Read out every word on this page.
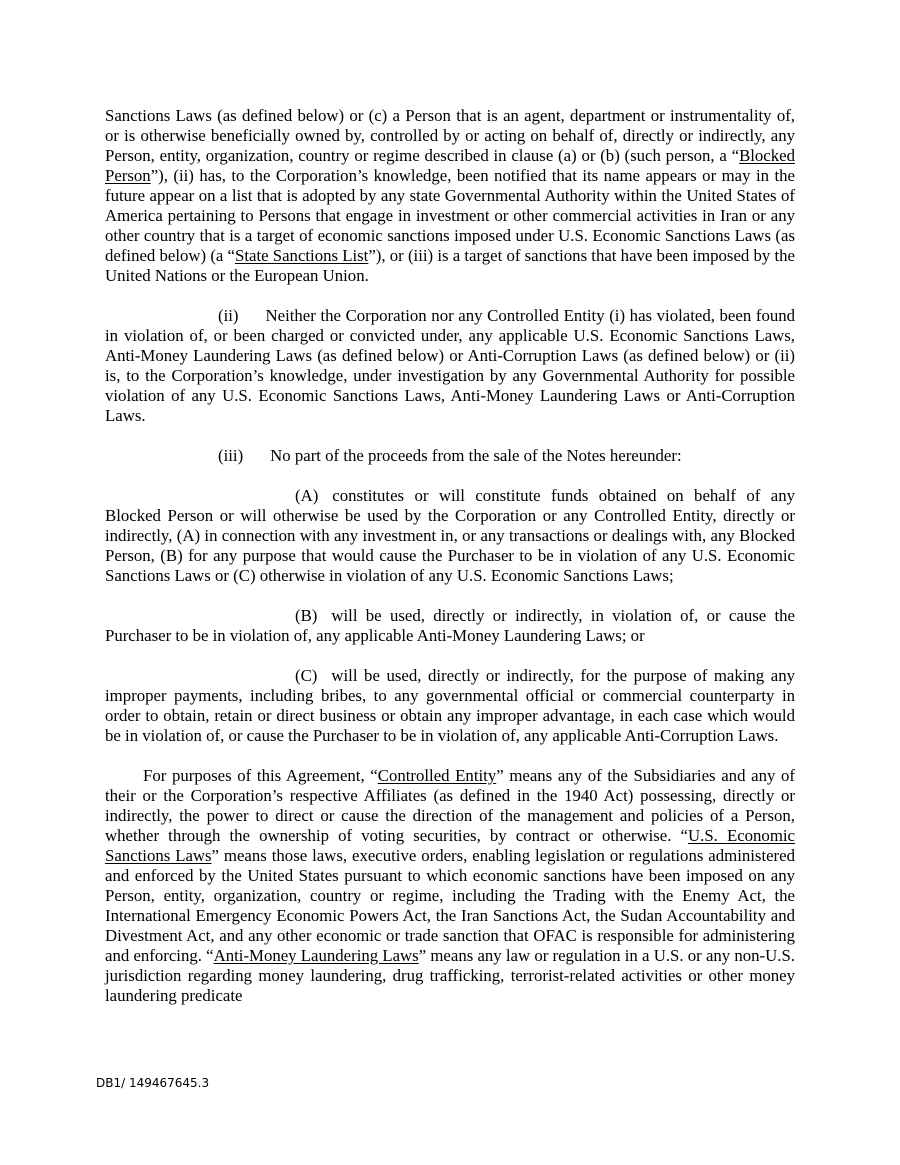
Sanctions Laws (as defined below) or (c) a Person that is an agent, department or instrumentality of, or is otherwise beneficially owned by, controlled by or acting on behalf of, directly or indirectly, any Person, entity, organization, country or regime described in clause (a) or (b) (such person, a “Blocked Person”), (ii) has, to the Corporation’s knowledge, been notified that its name appears or may in the future appear on a list that is adopted by any state Governmental Authority within the United States of America pertaining to Persons that engage in investment or other commercial activities in Iran or any other country that is a target of economic sanctions imposed under U.S. Economic Sanctions Laws (as defined below) (a “State Sanctions List”), or (iii) is a target of sanctions that have been imposed by the United Nations or the European Union.

(ii) Neither the Corporation nor any Controlled Entity (i) has violated, been found in violation of, or been charged or convicted under, any applicable U.S. Economic Sanctions Laws, Anti-Money Laundering Laws (as defined below) or Anti-Corruption Laws (as defined below) or (ii) is, to the Corporation’s knowledge, under investigation by any Governmental Authority for possible violation of any U.S. Economic Sanctions Laws, Anti-Money Laundering Laws or Anti-Corruption Laws.

(iii) No part of the proceeds from the sale of the Notes hereunder:

(A) constitutes or will constitute funds obtained on behalf of any Blocked Person or will otherwise be used by the Corporation or any Controlled Entity, directly or indirectly, (A) in connection with any investment in, or any transactions or dealings with, any Blocked Person, (B) for any purpose that would cause the Purchaser to be in violation of any U.S. Economic Sanctions Laws or (C) otherwise in violation of any U.S. Economic Sanctions Laws;

(B) will be used, directly or indirectly, in violation of, or cause the Purchaser to be in violation of, any applicable Anti-Money Laundering Laws; or

(C) will be used, directly or indirectly, for the purpose of making any improper payments, including bribes, to any governmental official or commercial counterparty in order to obtain, retain or direct business or obtain any improper advantage, in each case which would be in violation of, or cause the Purchaser to be in violation of, any applicable Anti-Corruption Laws.

For purposes of this Agreement, “Controlled Entity” means any of the Subsidiaries and any of their or the Corporation’s respective Affiliates (as defined in the 1940 Act) possessing, directly or indirectly, the power to direct or cause the direction of the management and policies of a Person, whether through the ownership of voting securities, by contract or otherwise. “U.S. Economic Sanctions Laws” means those laws, executive orders, enabling legislation or regulations administered and enforced by the United States pursuant to which economic sanctions have been imposed on any Person, entity, organization, country or regime, including the Trading with the Enemy Act, the International Emergency Economic Powers Act, the Iran Sanctions Act, the Sudan Accountability and Divestment Act, and any other economic or trade sanction that OFAC is responsible for administering and enforcing. “Anti-Money Laundering Laws” means any law or regulation in a U.S. or any non-U.S. jurisdiction regarding money laundering, drug trafficking, terrorist-related activities or other money laundering predicate

DB1/ 149467645.3
